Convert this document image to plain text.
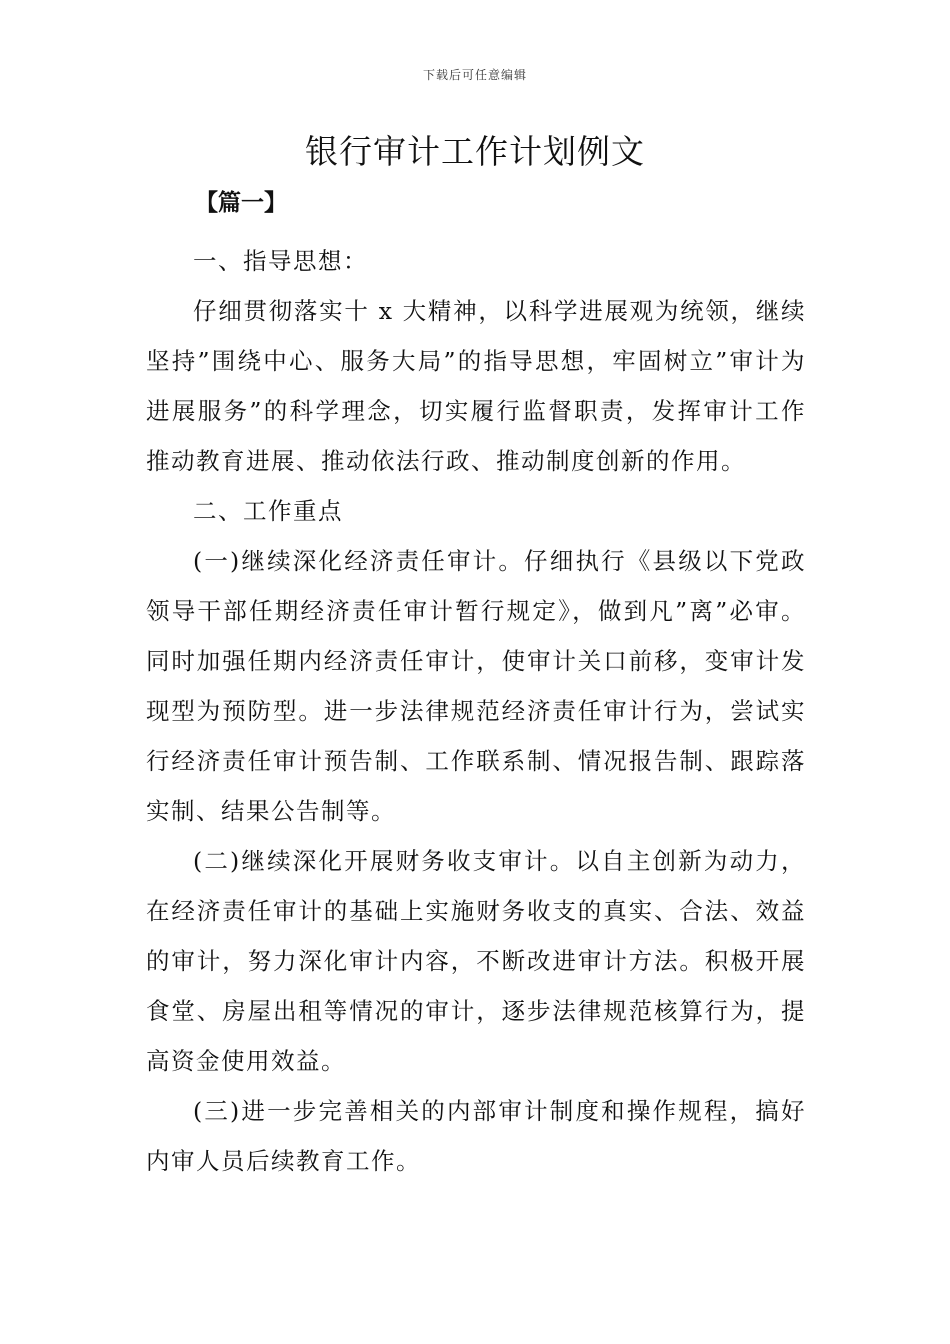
下载后可任意编辑
银行审计工作计划例文
【篇一】

一、指导思想：

仔细贯彻落实十 x 大精神，以科学进展观为统领，继续坚持”围绕中心、服务大局”的指导思想，牢固树立”审计为进展服务”的科学理念，切实履行监督职责，发挥审计工作推动教育进展、推动依法行政、推动制度创新的作用。

二、工作重点

(一)继续深化经济责任审计。仔细执行《县级以下党政领导干部任期经济责任审计暂行规定》，做到凡”离”必审。同时加强任期内经济责任审计，使审计关口前移，变审计发现型为预防型。进一步法律规范经济责任审计行为，尝试实行经济责任审计预告制、工作联系制、情况报告制、跟踪落实制、结果公告制等。

(二)继续深化开展财务收支审计。以自主创新为动力，在经济责任审计的基础上实施财务收支的真实、合法、效益的审计，努力深化审计内容，不断改进审计方法。积极开展食堂、房屋出租等情况的审计，逐步法律规范核算行为，提高资金使用效益。

(三)进一步完善相关的内部审计制度和操作规程，搞好内审人员后续教育工作。
